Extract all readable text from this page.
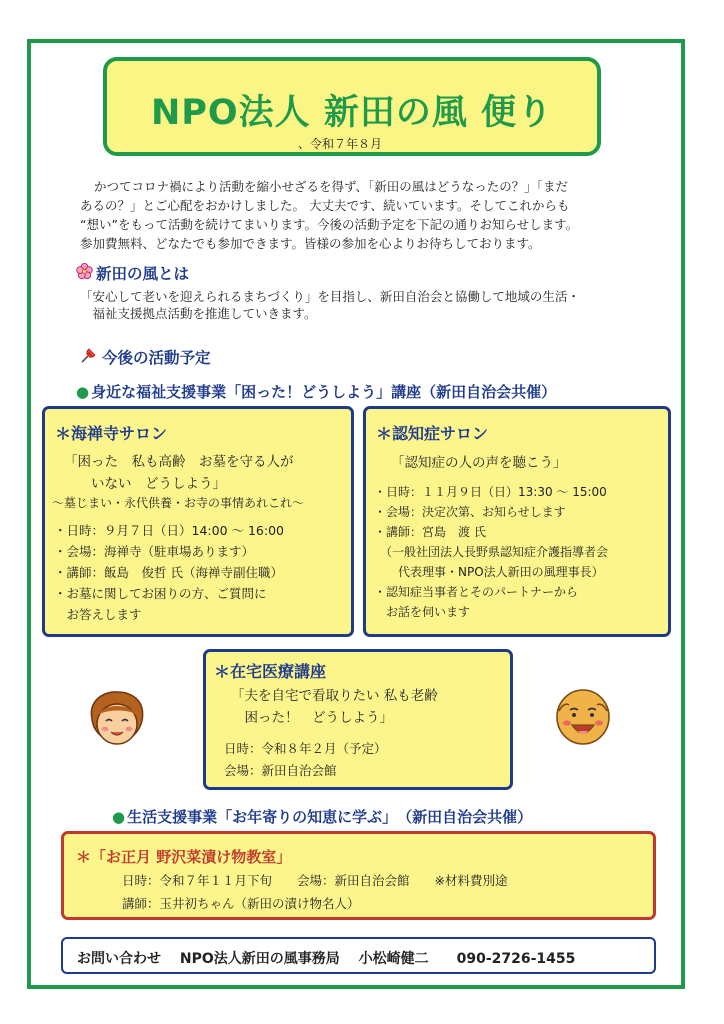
NPO法人 新田の風 便り
、令和７年８月
かつてコロナ禍により活動を縮小せざるを得ず、「新田の風はどうなったの？」「まだ
あるの？」とご心配をおかけしました。 大丈夫です、続いています。そしてこれからも
“想い”をもって活動を続けてまいります。今後の活動予定を下記の通りお知らせします。
参加費無料、どなたでも参加できます。皆様の参加を心よりお待ちしております。
新田の風とは
「安心して老いを迎えられるまちづくり」を目指し、新田自治会と協働して地域の生活・
　福祉支援拠点活動を推進していきます。
今後の活動予定
● 身近な福祉支援事業「困った！どうしよう」講座（新田自治会共催）
＊海禅寺サロン
「困った　私も高齢　お墓を守る人が
　　いない　どうしよう」
〜墓じまい・永代供養・お寺の事情あれこれ〜
・日時：９月７日（日）14:00 〜 16:00
・会場：海禅寺（駐車場あります）
・講師：飯島　俊哲 氏（海禅寺副住職）
・お墓に関してお困りの方、ご質問に
　お答えします
＊認知症サロン
「認知症の人の声を聴こう」
・日時：１１月９日（日）13:30 〜 15:00
・会場：決定次第、お知らせします
・講師：宮島　渡 氏
　（一般社団法人長野県認知症介護指導者会
　　代表理事・NPO法人新田の風理事長）
・認知症当事者とそのパートナーから
　お話を伺います
＊在宅医療講座
「夫を自宅で看取りたい 私も老齢
　困った！　どうしよう」
日時：令和８年２月（予定）
会場：新田自治会館
● 生活支援事業「お年寄りの知恵に学ぶ」　（新田自治会共催）
＊「お正月 野沢菜漬け物教室」
日時：令和７年１１月下旬　　会場：新田自治会館　　※材料費別途
講師：玉井初ちゃん（新田の漬け物名人）
お問い合わせ　 NPO法人新田の風事務局　 小松崎健二　　090-2726-1455
